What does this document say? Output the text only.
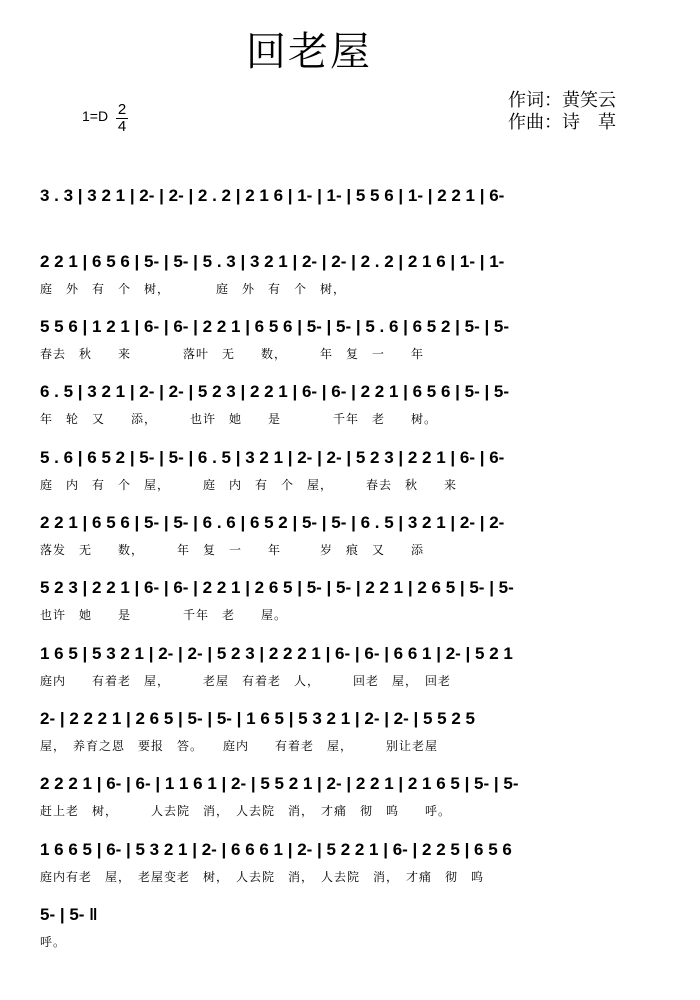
回老屋
作词：黄笑云
作曲：诗　草
$1=D \frac{2}{4}$
3 . 3 | 3 2 1 | 2- | 2- | 2 . 2 | 2 1 6 | 1- | 1- | 5 5 6 | 1- | 2 2 1 | 6-
2 2 1 | 6 5 6 | 5- | 5- | 5 . 3 | 3 2 1 | 2- | 2- | 2 . 2 | 2 1 6 | 1- | 1-
庭　外　有　个　树，　　　　庭　外　有　个　树，
5 5 6 | 1 2 1 | 6- | 6- | 2 2 1 | 6 5 6 | 5- | 5- | 5 . 6 | 6 5 2 | 5- | 5-
春去　秋　　来　　　　落叶　无　　数，　　　年　复　一　　年
6 . 5 | 3 2 1 | 2- | 2- | 5 2 3 | 2 2 1 | 6- | 6- | 2 2 1 | 6 5 6 | 5- | 5-
年　轮　又　　添，　　　也许　她　　是　　　　千年　老　　树。
5 . 6 | 6 5 2 | 5- | 5- | 6 . 5 | 3 2 1 | 2- | 2- | 5 2 3 | 2 2 1 | 6- | 6-
庭　内　有　个　屋，　　　庭　内　有　个　屋，　　　春去　秋　　来
2 2 1 | 6 5 6 | 5- | 5- | 6 . 6 | 6 5 2 | 5- | 5- | 6 . 5 | 3 2 1 | 2- | 2-
落发　无　　数，　　　年　复　一　　年　　　岁　痕　又　　添
5 2 3 | 2 2 1 | 6- | 6- | 2 2 1 | 2 6 5 | 5- | 5- | 2 2 1 | 2 6 5 | 5- | 5-
也许　她　　是　　　　千年　老　　屋。
1 6 5 | 5 3 2 1 | 2- | 2- | 5 2 3 | 2 2 2 1 | 6- | 6- | 6 6 1 | 2- | 5 2 1
庭内　　有着老　屋，　　　老屋　有着老　人，　　　回老　屋，　回老
2- | 2 2 2 1 | 2 6 5 | 5- | 5- | 1 6 5 | 5 3 2 1 | 2- | 2- | 5 5 2 5
屋，　养育之恩　要报　答。　　庭内　　有着老　屋，　　　别让老屋
2 2 2 1 | 6- | 6- | 1 1 6 1 | 2- | 5 5 2 1 | 2- | 2 2 1 | 2 1 6 5 | 5- | 5-
赶上老　树，　　　人去院　消，　人去院　消，　才痛　彻　呜　　呼。
1 6 6 5 | 6- | 5 3 2 1 | 2- | 6 6 6 1 | 2- | 5 2 2 1 | 6- | 2 2 5 | 6 5 6
庭内有老　屋，　老屋变老　树，　人去院　消，　人去院　消，　才痛　彻　呜
5- | 5- ‖
呼。
